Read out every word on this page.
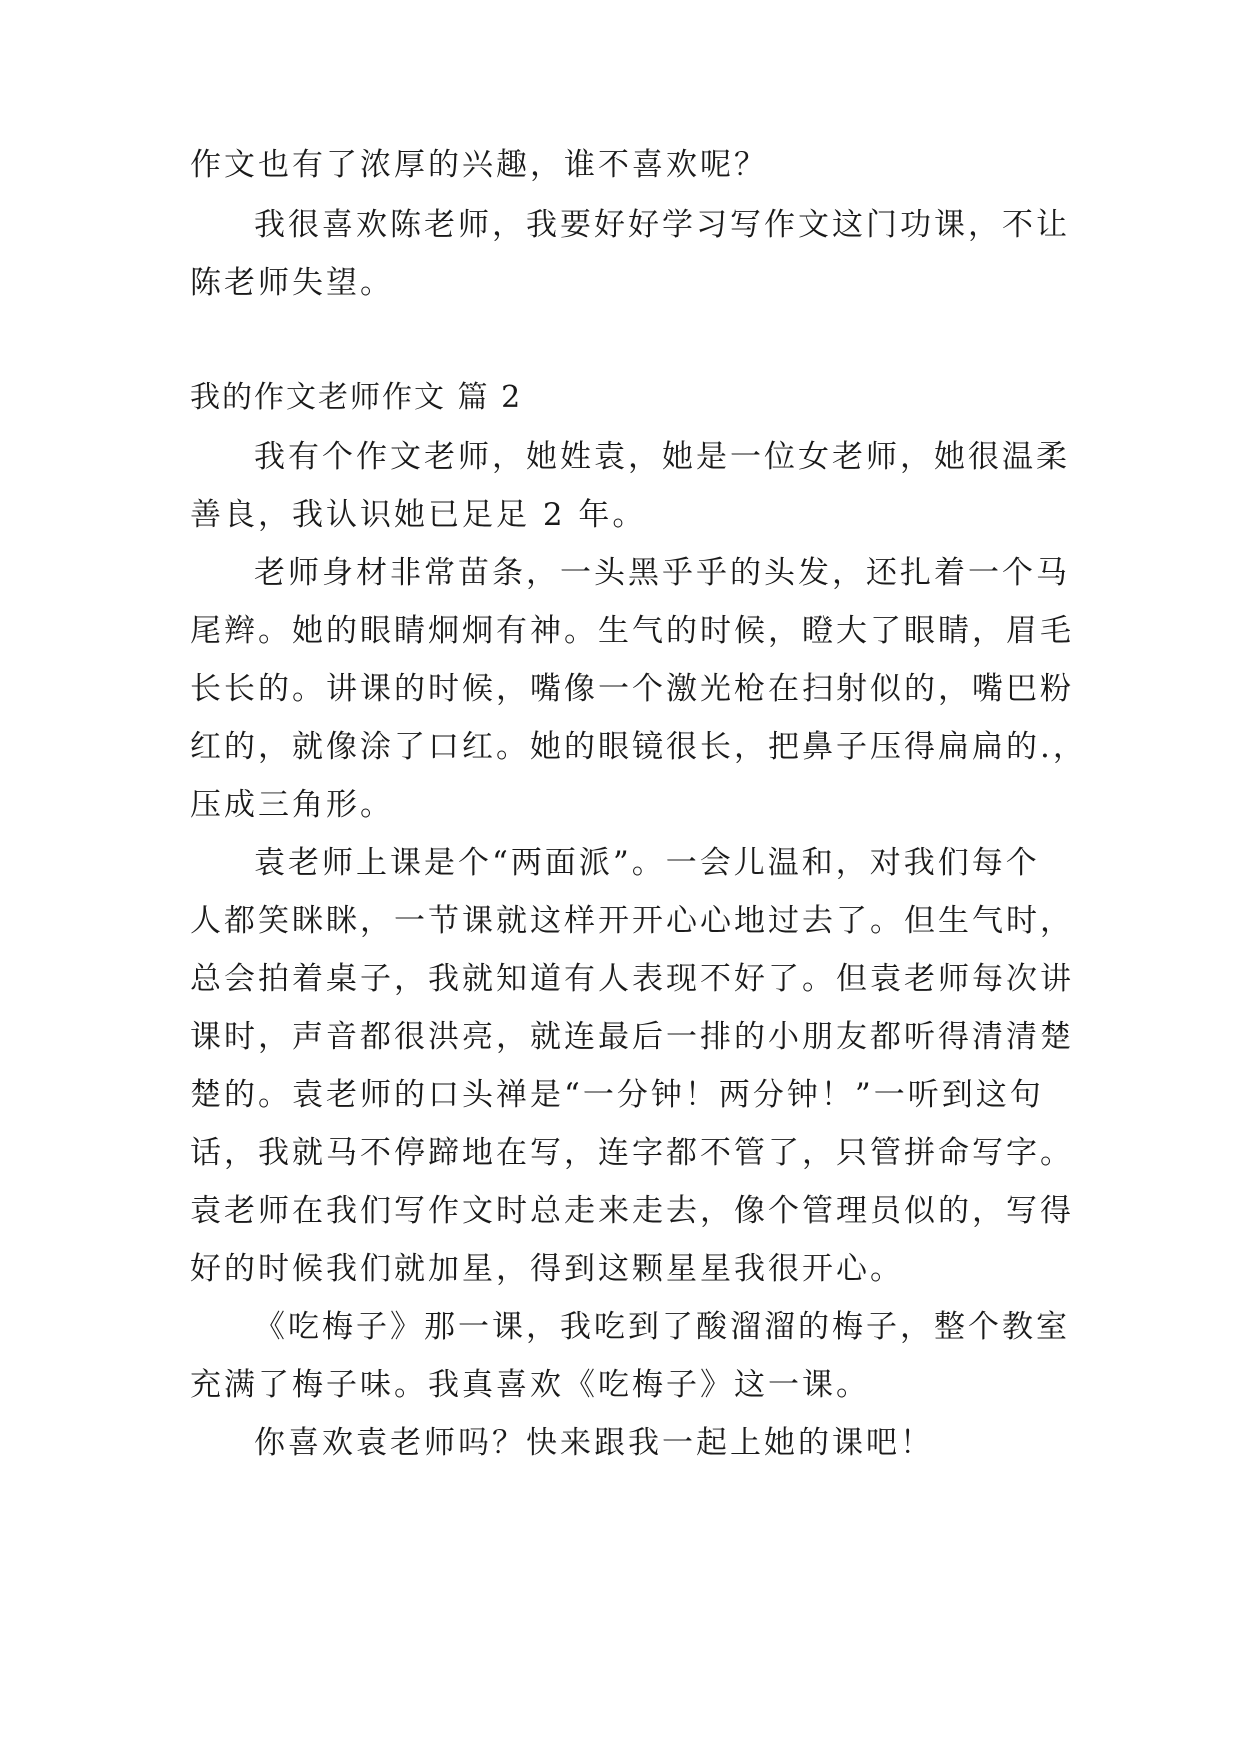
作文也有了浓厚的兴趣，谁不喜欢呢？
我很喜欢陈老师，我要好好学习写作文这门功课，不让
陈老师失望。
我的作文老师作文 篇 2
我有个作文老师，她姓袁，她是一位女老师，她很温柔
善良，我认识她已足足 2 年。
老师身材非常苗条，一头黑乎乎的头发，还扎着一个马
尾辫。她的眼睛炯炯有神。生气的时候，瞪大了眼睛，眉毛
长长的。讲课的时候，嘴像一个激光枪在扫射似的，嘴巴粉
红的，就像涂了口红。她的眼镜很长，把鼻子压得扁扁的.，
压成三角形。
袁老师上课是个“两面派”。一会儿温和，对我们每个
人都笑眯眯，一节课就这样开开心心地过去了。但生气时，
总会拍着桌子，我就知道有人表现不好了。但袁老师每次讲
课时，声音都很洪亮，就连最后一排的小朋友都听得清清楚
楚的。袁老师的口头禅是“一分钟！两分钟！”一听到这句
话，我就马不停蹄地在写，连字都不管了，只管拼命写字。
袁老师在我们写作文时总走来走去，像个管理员似的，写得
好的时候我们就加星，得到这颗星星我很开心。
《吃梅子》那一课，我吃到了酸溜溜的梅子，整个教室
充满了梅子味。我真喜欢《吃梅子》这一课。
你喜欢袁老师吗？快来跟我一起上她的课吧！
